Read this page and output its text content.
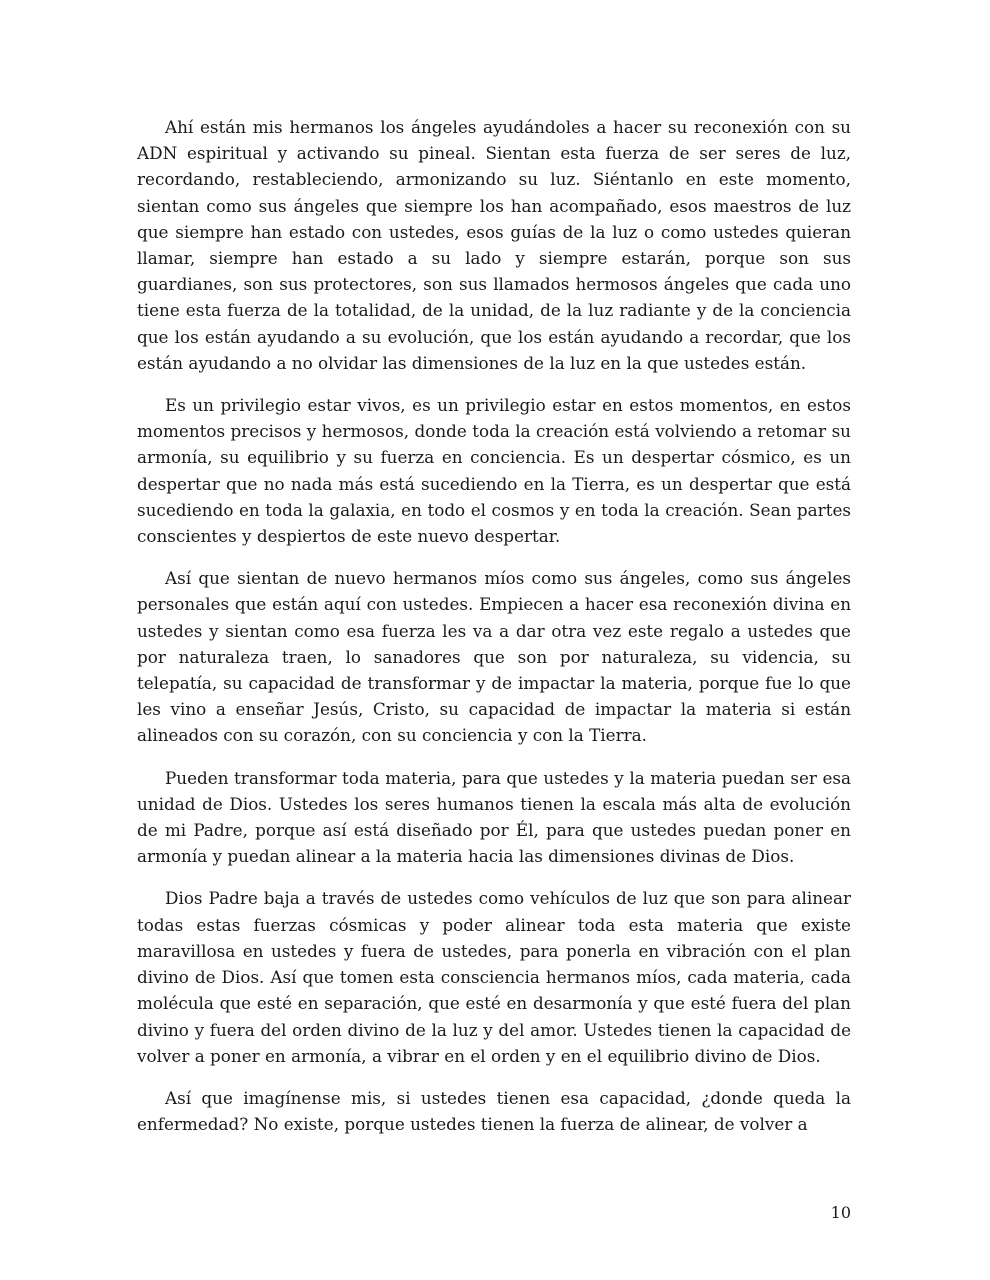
Ahí están mis hermanos los ángeles ayudándoles a hacer su reconexión con su ADN espiritual y activando su pineal. Sientan esta fuerza de ser seres de luz, recordando, restableciendo, armonizando su luz. Siéntanlo en este momento, sientan como sus ángeles que siempre los han acompañado, esos maestros de luz que siempre han estado con ustedes, esos guías de la luz o como ustedes quieran llamar, siempre han estado a su lado y siempre estarán, porque son sus guardianes, son sus protectores, son sus llamados hermosos ángeles que cada uno tiene esta fuerza de la totalidad, de la unidad, de la luz radiante y de la conciencia que los están ayudando a su evolución, que los están ayudando a recordar, que los están ayudando a no olvidar las dimensiones de la luz en la que ustedes están.

Es un privilegio estar vivos, es un privilegio estar en estos momentos, en estos momentos precisos y hermosos, donde toda la creación está volviendo a retomar su armonía, su equilibrio y su fuerza en conciencia. Es un despertar cósmico, es un despertar que no nada más está sucediendo en la Tierra, es un despertar que está sucediendo en toda la galaxia, en todo el cosmos y en toda la creación. Sean partes conscientes y despiertos de este nuevo despertar.

Así que sientan de nuevo hermanos míos como sus ángeles, como sus ángeles personales que están aquí con ustedes. Empiecen a hacer esa reconexión divina en ustedes y sientan como esa fuerza les va a dar otra vez este regalo a ustedes que por naturaleza traen, lo sanadores que son por naturaleza, su videncia, su telepatía, su capacidad de transformar y de impactar la materia, porque fue lo que les vino a enseñar Jesús, Cristo, su capacidad de impactar la materia si están alineados con su corazón, con su conciencia y con la Tierra.

Pueden transformar toda materia, para que ustedes y la materia puedan ser esa unidad de Dios. Ustedes los seres humanos tienen la escala más alta de evolución de mi Padre, porque así está diseñado por Él, para que ustedes puedan poner en armonía y puedan alinear a la materia hacia las dimensiones divinas de Dios.

Dios Padre baja a través de ustedes como vehículos de luz que son para alinear todas estas fuerzas cósmicas y poder alinear toda esta materia que existe maravillosa en ustedes y fuera de ustedes, para ponerla en vibración con el plan divino de Dios. Así que tomen esta consciencia hermanos míos, cada materia, cada molécula que esté en separación, que esté en desarmonía y que esté fuera del plan divino y fuera del orden divino de la luz y del amor. Ustedes tienen la capacidad de volver a poner en armonía, a vibrar en el orden y en el equilibrio divino de Dios.

Así que imagínense mis, si ustedes tienen esa capacidad, ¿donde queda la enfermedad? No existe, porque ustedes tienen la fuerza de alinear, de volver a

10
